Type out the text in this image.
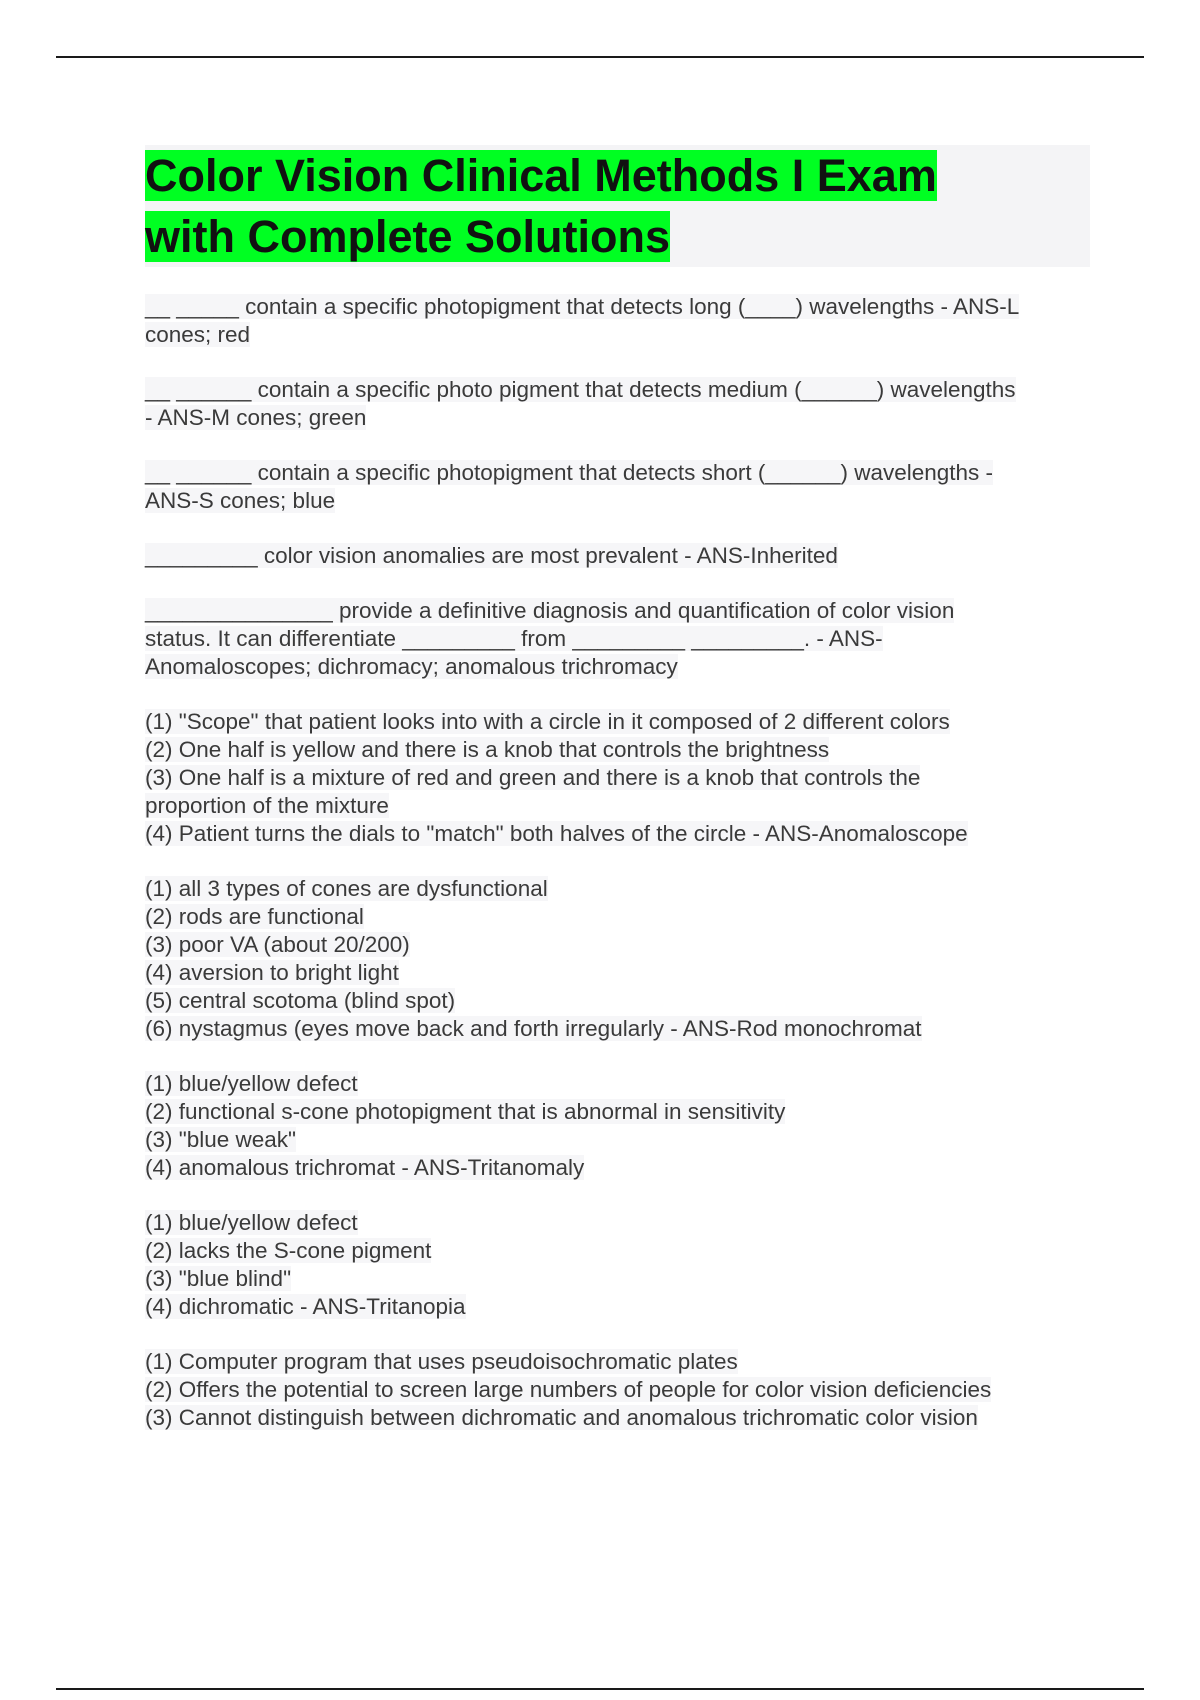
Color Vision Clinical Methods I Exam
with Complete Solutions
__ _____ contain a specific photopigment that detects long (____) wavelengths - ANS-L
cones; red
__ ______ contain a specific photo pigment that detects medium (______) wavelengths
- ANS-M cones; green
__ ______ contain a specific photopigment that detects short (______) wavelengths -
ANS-S cones; blue
_________ color vision anomalies are most prevalent - ANS-Inherited
_______________ provide a definitive diagnosis and quantification of color vision
status. It can differentiate _________ from _________ _________. - ANS-
Anomaloscopes; dichromacy; anomalous trichromacy
(1) "Scope" that patient looks into with a circle in it composed of 2 different colors
(2) One half is yellow and there is a knob that controls the brightness
(3) One half is a mixture of red and green and there is a knob that controls the
proportion of the mixture
(4) Patient turns the dials to "match" both halves of the circle - ANS-Anomaloscope
(1) all 3 types of cones are dysfunctional
(2) rods are functional
(3) poor VA (about 20/200)
(4) aversion to bright light
(5) central scotoma (blind spot)
(6) nystagmus (eyes move back and forth irregularly - ANS-Rod monochromat
(1) blue/yellow defect
(2) functional s-cone photopigment that is abnormal in sensitivity
(3) "blue weak"
(4) anomalous trichromat - ANS-Tritanomaly
(1) blue/yellow defect
(2) lacks the S-cone pigment
(3) "blue blind"
(4) dichromatic - ANS-Tritanopia
(1) Computer program that uses pseudoisochromatic plates
(2) Offers the potential to screen large numbers of people for color vision deficiencies
(3) Cannot distinguish between dichromatic and anomalous trichromatic color vision
